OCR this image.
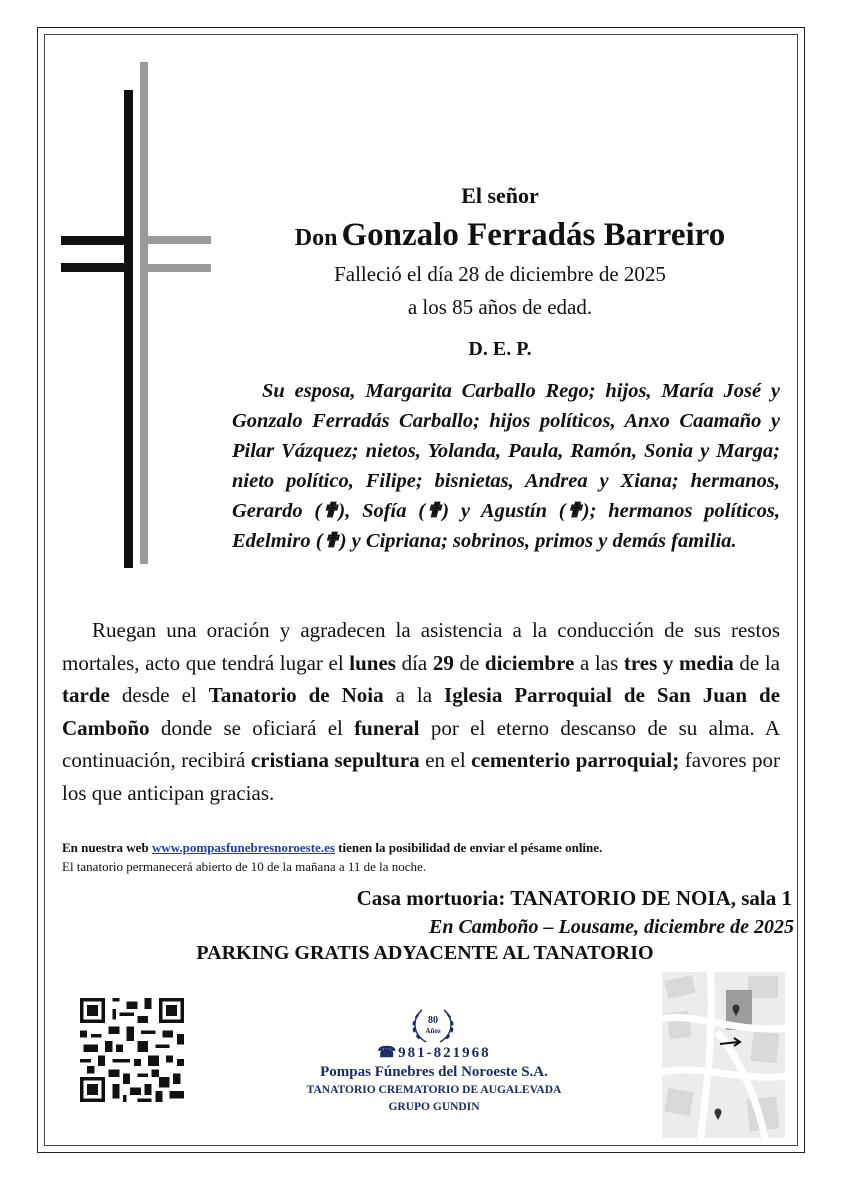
El señor
Don Gonzalo Ferradás Barreiro
Falleció el día 28 de diciembre de 2025
a los 85 años de edad.
D. E. P.
Su esposa, Margarita Carballo Rego; hijos, María José y Gonzalo Ferradás Carballo; hijos políticos, Anxo Caamaño y Pilar Vázquez; nietos, Yolanda, Paula, Ramón, Sonia y Marga; nieto político, Filipe; bisnietas, Andrea y Xiana; hermanos, Gerardo (✟), Sofía (✟) y Agustín (✟); hermanos políticos, Edelmiro (✟) y Cipriana; sobrinos, primos y demás familia.
Ruegan una oración y agradecen la asistencia a la conducción de sus restos mortales, acto que tendrá lugar el lunes día 29 de diciembre a las tres y media de la tarde desde el Tanatorio de Noia a la Iglesia Parroquial de San Juan de Camboño donde se oficiará el funeral por el eterno descanso de su alma. A continuación, recibirá cristiana sepultura en el cementerio parroquial; favores por los que anticipan gracias.
En nuestra web www.pompasfunebresnoroeste.es tienen la posibilidad de enviar el pésame online.
El tanatorio permanecerá abierto de 10 de la mañana a 11 de la noche.
Casa mortuoria: TANATORIO DE NOIA, sala 1
En Camboño – Lousame, diciembre de 2025
PARKING GRATIS ADYACENTE AL TANATORIO
80
Años
☎981-821968
Pompas Fúnebres del Noroeste S.A.
TANATORIO CREMATORIO DE AUGALEVADA
GRUPO GUNDIN
